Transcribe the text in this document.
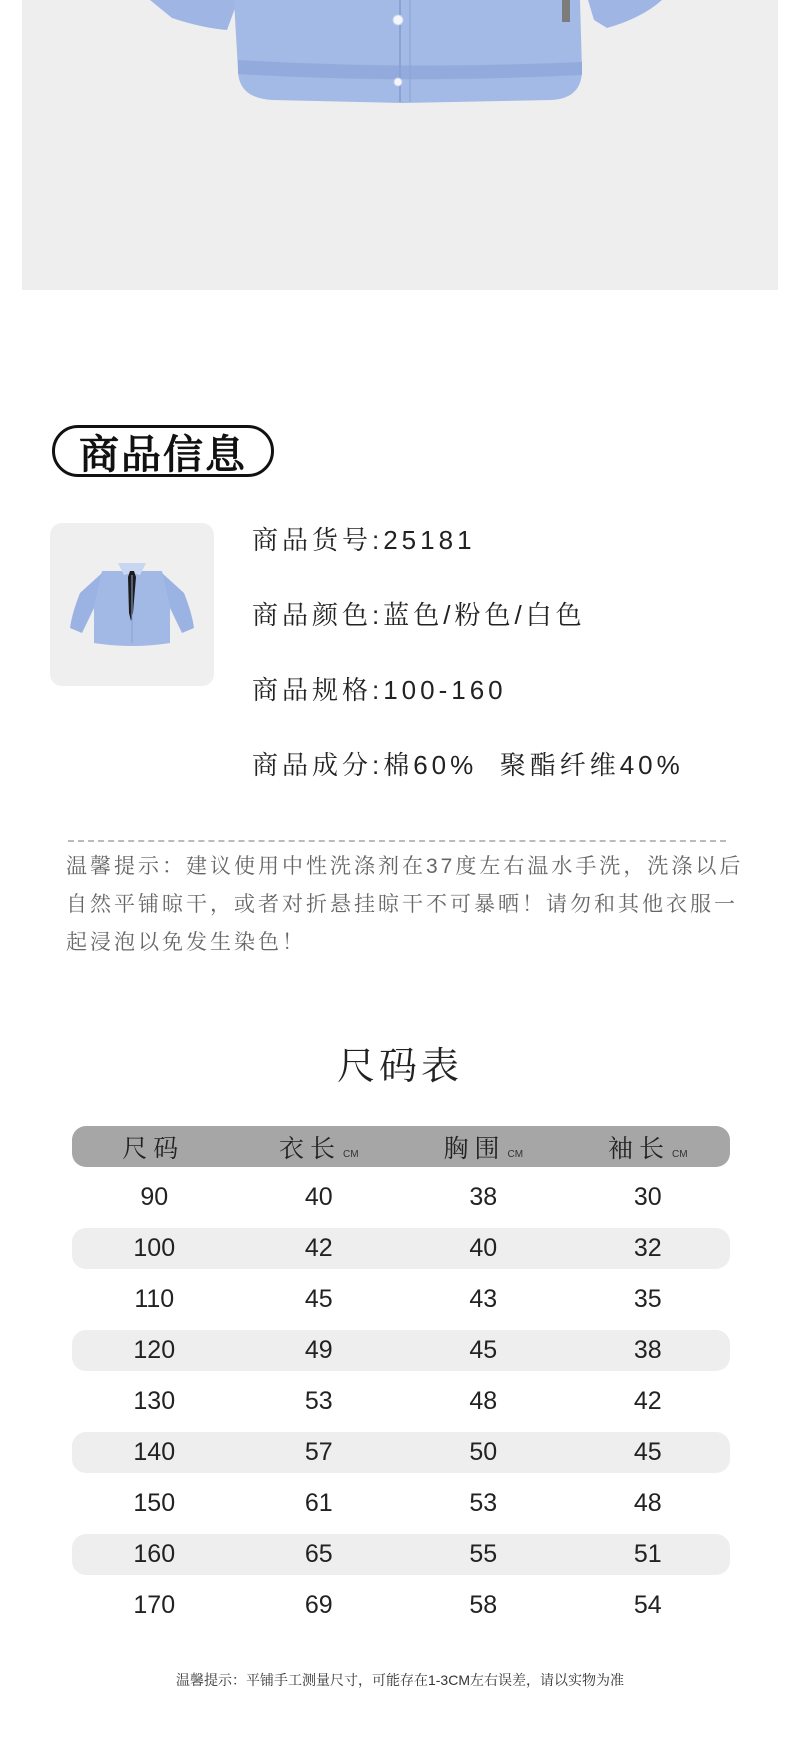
商品信息
商品货号:25181
商品颜色:蓝色/粉色/白色
商品规格:100-160
商品成分:棉60%  聚酯纤维40%
温馨提示：建议使用中性洗涤剂在37度左右温水手洗，洗涤以后自然平铺晾干，或者对折悬挂晾干不可暴晒！请勿和其他衣服一起浸泡以免发生染色！
尺码表
尺码	衣长 CM	胸围 CM	袖长 CM
90	40	38	30
100	42	40	32
110	45	43	35
120	49	45	38
130	53	48	42
140	57	50	45
150	61	53	48
160	65	55	51
170	69	58	54
温馨提示：平铺手工测量尺寸，可能存在1-3CM左右误差，请以实物为准
